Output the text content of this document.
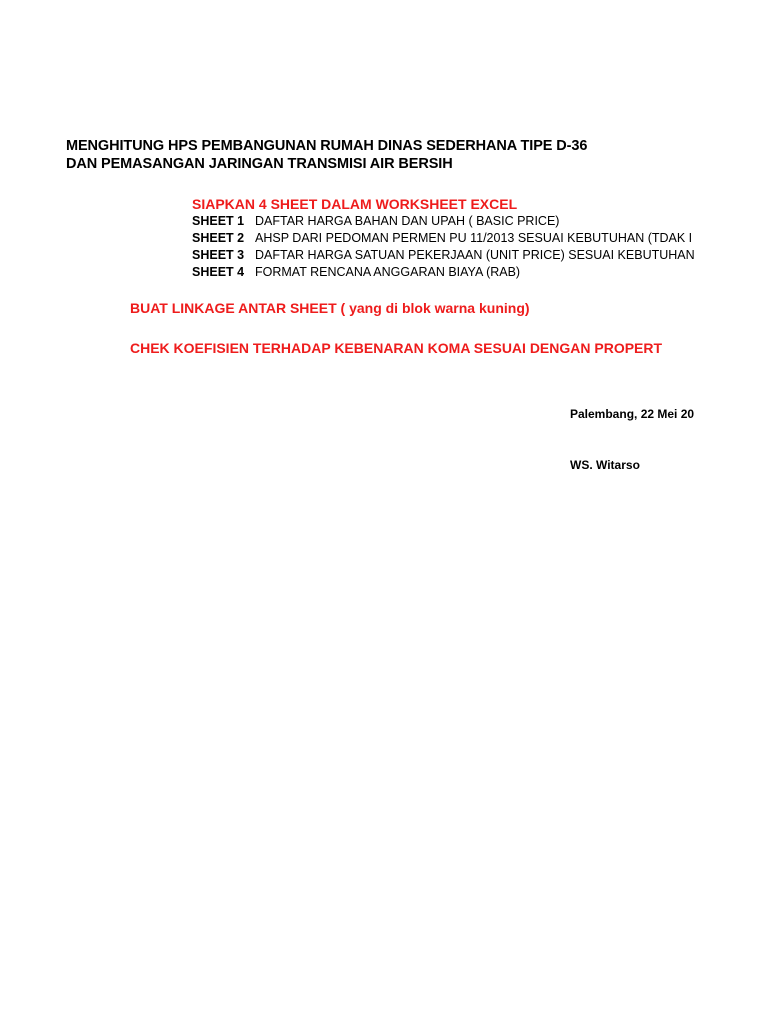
MENGHITUNG HPS PEMBANGUNAN RUMAH DINAS SEDERHANA TIPE D-36
DAN PEMASANGAN JARINGAN TRANSMISI AIR BERSIH
SIAPKAN 4 SHEET DALAM WORKSHEET EXCEL
SHEET 1 DAFTAR HARGA BAHAN DAN UPAH ( BASIC PRICE)
SHEET 2 AHSP DARI PEDOMAN PERMEN PU 11/2013 SESUAI KEBUTUHAN (TDAK I
SHEET 3 DAFTAR HARGA SATUAN PEKERJAAN (UNIT PRICE) SESUAI KEBUTUHAN
SHEET 4 FORMAT RENCANA ANGGARAN BIAYA (RAB)
BUAT LINKAGE ANTAR SHEET ( yang di blok warna kuning)
CHEK KOEFISIEN TERHADAP KEBENARAN KOMA SESUAI DENGAN PROPERT
Palembang, 22 Mei 20
WS. Witarso
